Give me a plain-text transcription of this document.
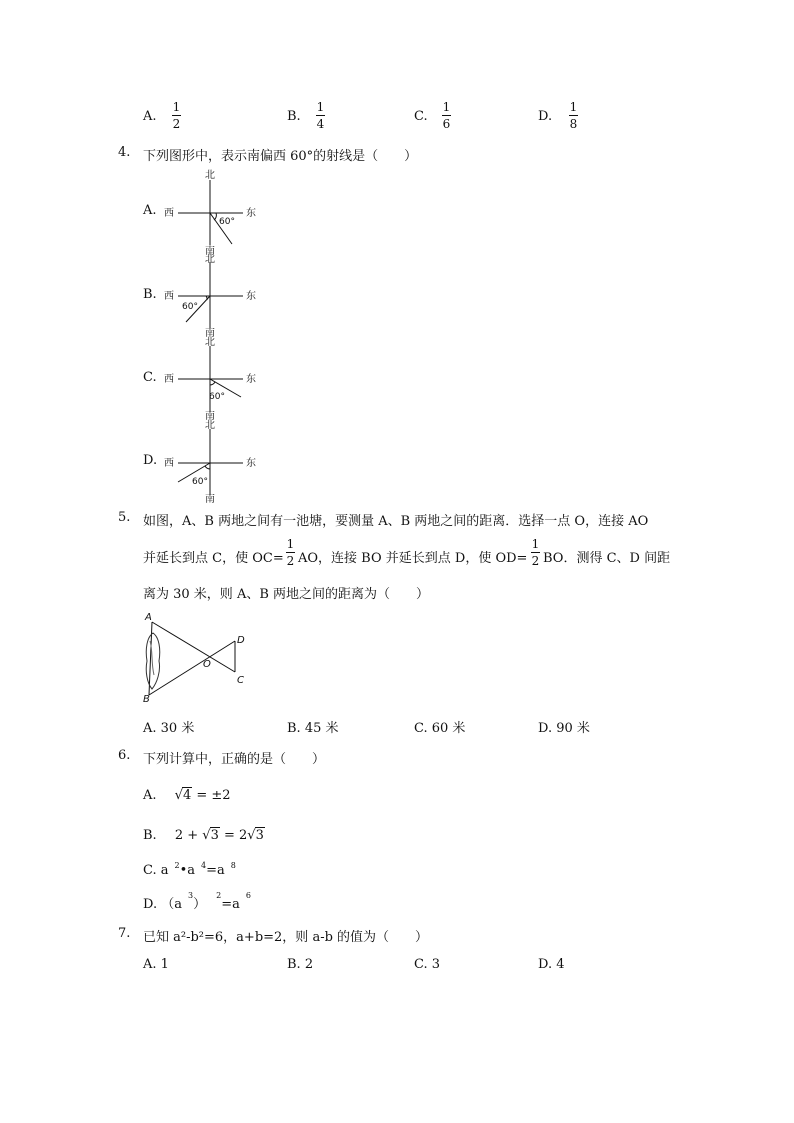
A.
1
2	B.
1
4	C.
1
6	D.
1
8
4. 下列图形中，表示南偏西 60°的射线是（　　）
A.
B.
C.
D.
北
西	东
南
60°
北
西	东
南
60°
北
西	东
南
60°
北
西	东
南
60°
5. 如图，A、B 两地之间有一池塘，要测量 A、B 两地之间的距离．选择一点 O，连接 AO
并延长到点 C，使 OC=
1
2 AO，连接 BO 并延长到点 D，使 OD=
1
2 BO．测得 C、D 间距
离为 30 米，则 A、B 两地之间的距离为（　　）
A
B
C
D
O
A. 30 米	B. 45 米	C. 60 米	D. 90 米
6. 下列计算中，正确的是（　　）
A. √4 = ±2
B. 2 + √3 = 2√3
C. a $^2$•a $^4$=a $^8$
D. $(a^3)^2=a^6$
7. 已知 a²-b²=6，a+b=2，则 a-b 的值为（　　）
A. 1	B. 2	C. 3	D. 4
